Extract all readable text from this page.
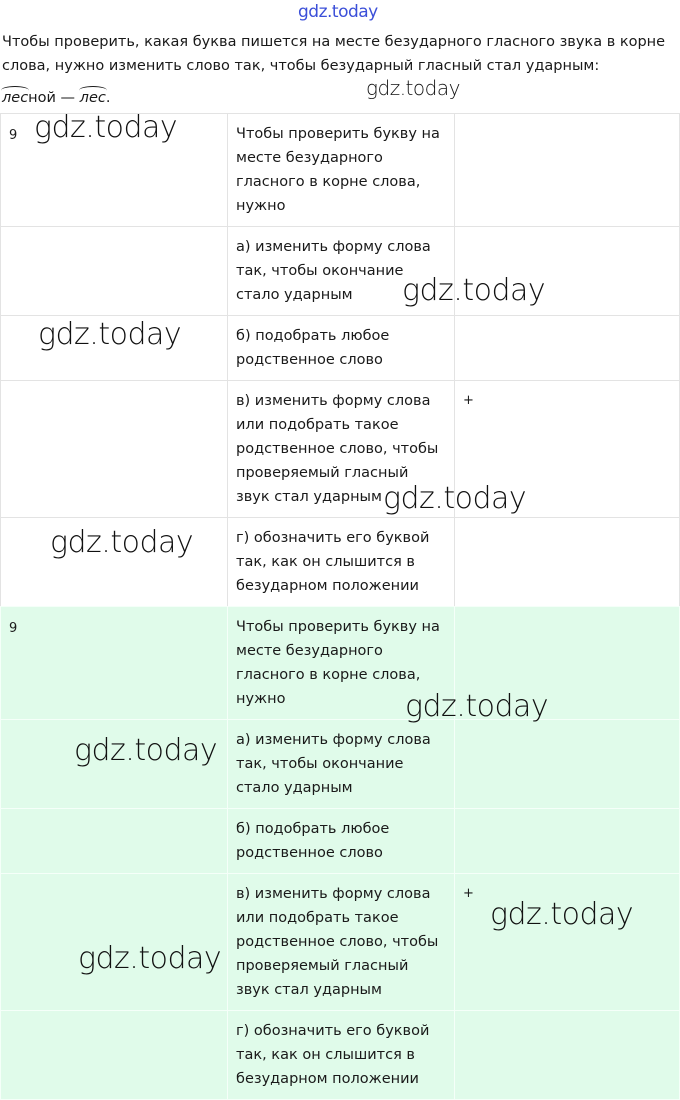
gdz.today
Чтобы проверить, какая буква пишется на месте безударного гласного звука в корне слова, нужно изменить слово так, чтобы безударный гласный стал ударным:
лесной — лес.
9	Чтобы проверить букву на месте безударного гласного в корне слова, нужно	
	а) изменить форму слова так, чтобы окончание стало ударным	
	б) подобрать любое родственное слово	
	в) изменить форму слова или подобрать такое родственное слово, чтобы проверяемый гласный звук стал ударным	+
	г) обозначить его буквой так, как он слышится в безударном положении	
9	Чтобы проверить букву на месте безударного гласного в корне слова, нужно	
	а) изменить форму слова так, чтобы окончание стало ударным	
	б) подобрать любое родственное слово	
	в) изменить форму слова или подобрать такое родственное слово, чтобы проверяемый гласный звук стал ударным	+
	г) обозначить его буквой так, как он слышится в безударном положении	
gdz.today
gdz.today
gdz.today
gdz.today
gdz.today
gdz.today
gdz.today
gdz.today
gdz.today
gdz.today
